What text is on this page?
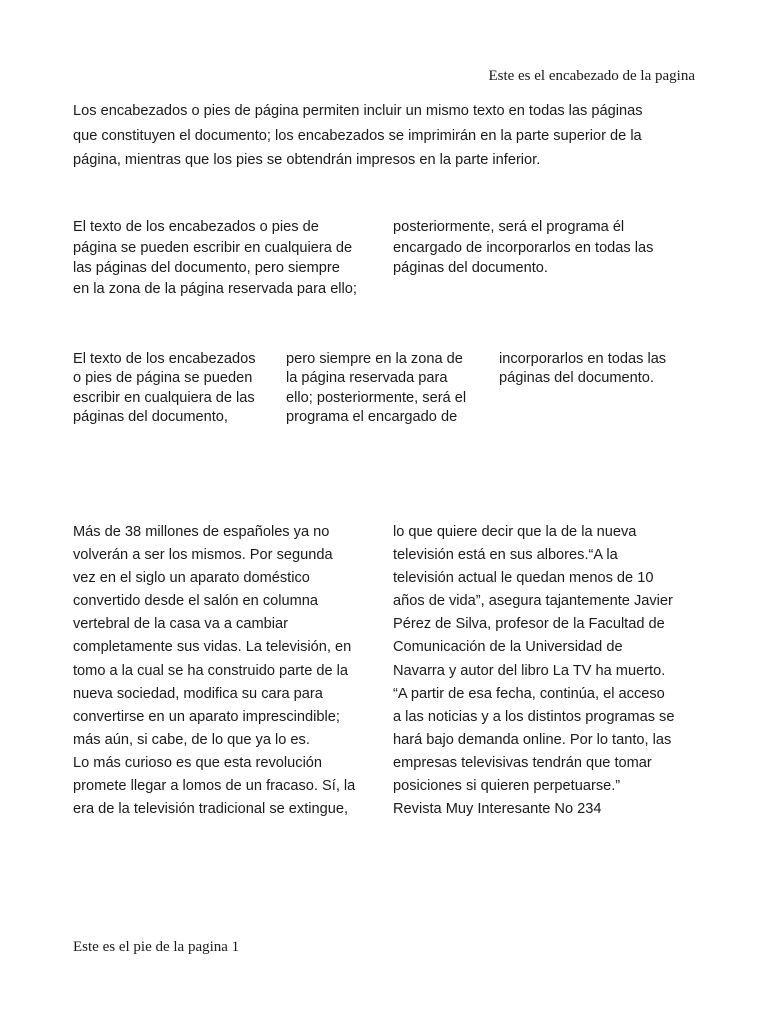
Este es el encabezado de la pagina

Los encabezados o pies de página permiten incluir un mismo texto en todas las páginas
que constituyen el documento; los encabezados se imprimirán en la parte superior de la
página, mientras que los pies se obtendrán impresos en la parte inferior.

El texto de los encabezados o pies de
página se pueden escribir en cualquiera de
las páginas del documento, pero siempre
en la zona de la página reservada para ello;

posteriormente, será el programa él
encargado de incorporarlos en todas las
páginas del documento.

El texto de los encabezados
o pies de página se pueden
escribir en cualquiera de las
páginas del documento,

pero siempre en la zona de
la página reservada para
ello; posteriormente, será el
programa el encargado de

incorporarlos en todas las
páginas del documento.

Más de 38 millones de españoles ya no
volverán a ser los mismos. Por segunda
vez en el siglo un aparato doméstico
convertido desde el salón en columna
vertebral de la casa va a cambiar
completamente sus vidas. La televisión, en
tomo a la cual se ha construido parte de la
nueva sociedad, modifica su cara para
convertirse en un aparato imprescindible;
más aún, si cabe, de lo que ya lo es.
Lo más curioso es que esta revolución
promete llegar a lomos de un fracaso. Sí, la
era de la televisión tradicional se extingue,

lo que quiere decir que la de la nueva
televisión está en sus albores.“A la
televisión actual le quedan menos de 10
años de vida”, asegura tajantemente Javier
Pérez de Silva, profesor de la Facultad de
Comunicación de la Universidad de
Navarra y autor del libro La TV ha muerto.
“A partir de esa fecha, continúa, el acceso
a las noticias y a los distintos programas se
hará bajo demanda online. Por lo tanto, las
empresas televisivas tendrán que tomar
posiciones si quieren perpetuarse.”
Revista Muy Interesante No 234

Este es el pie de la pagina 1
